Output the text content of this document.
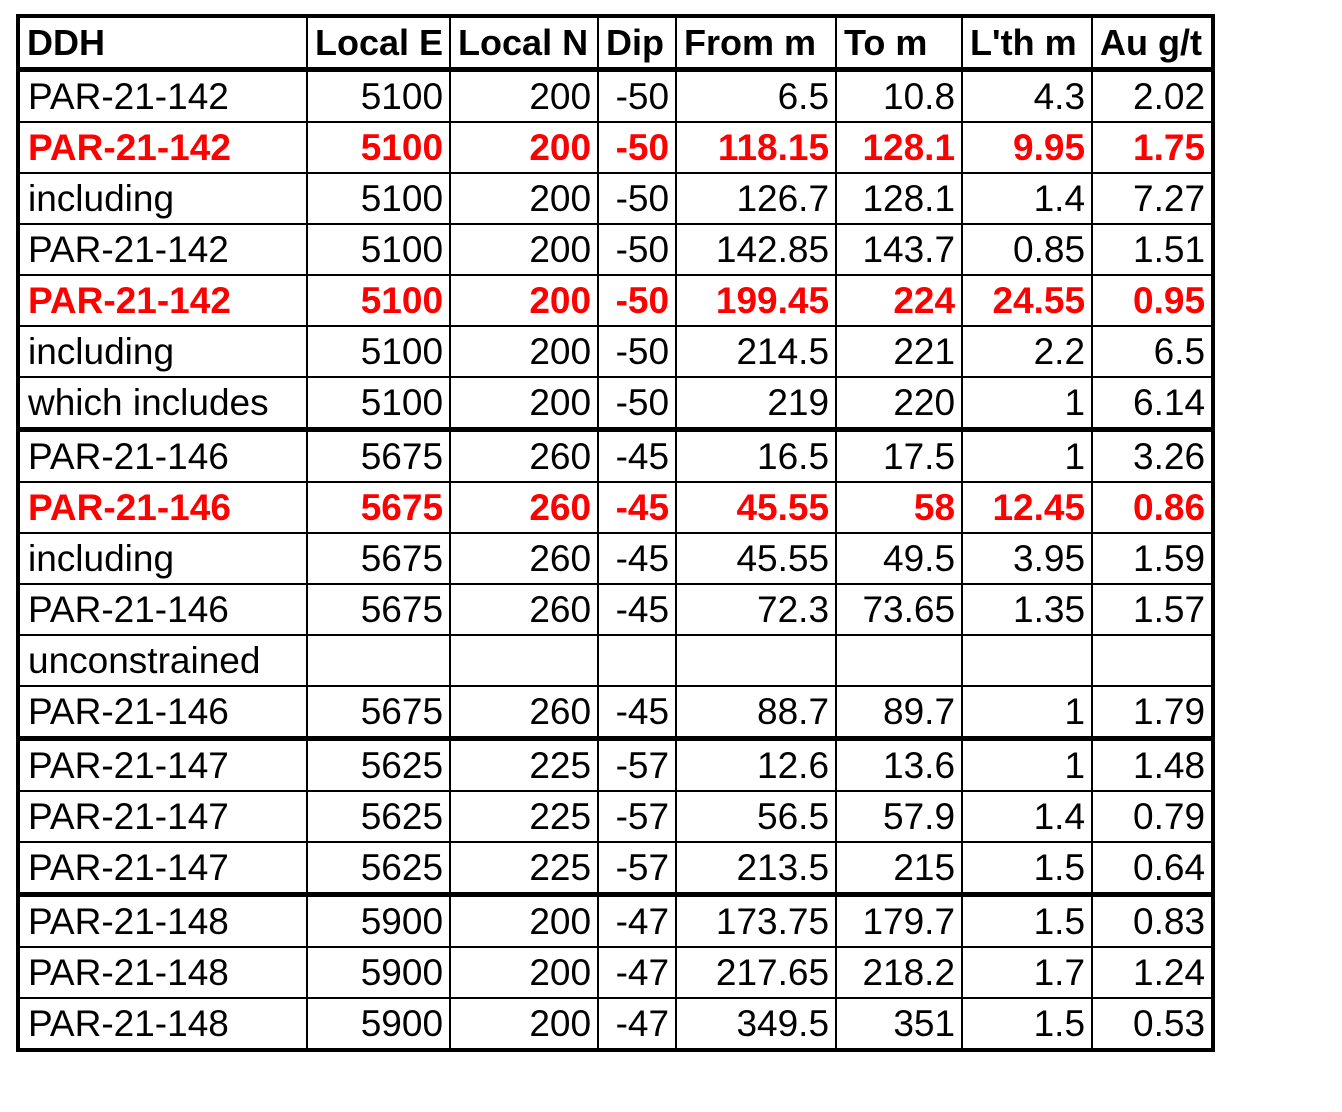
DDH	Local E	Local N	Dip	From m	To m	L'th m	Au g/t
PAR-21-142	5100	200	-50	6.5	10.8	4.3	2.02
PAR-21-142	5100	200	-50	118.15	128.1	9.95	1.75
including	5100	200	-50	126.7	128.1	1.4	7.27
PAR-21-142	5100	200	-50	142.85	143.7	0.85	1.51
PAR-21-142	5100	200	-50	199.45	224	24.55	0.95
including	5100	200	-50	214.5	221	2.2	6.5
which includes	5100	200	-50	219	220	1	6.14
PAR-21-146	5675	260	-45	16.5	17.5	1	3.26
PAR-21-146	5675	260	-45	45.55	58	12.45	0.86
including	5675	260	-45	45.55	49.5	3.95	1.59
PAR-21-146	5675	260	-45	72.3	73.65	1.35	1.57
unconstrained							
PAR-21-146	5675	260	-45	88.7	89.7	1	1.79
PAR-21-147	5625	225	-57	12.6	13.6	1	1.48
PAR-21-147	5625	225	-57	56.5	57.9	1.4	0.79
PAR-21-147	5625	225	-57	213.5	215	1.5	0.64
PAR-21-148	5900	200	-47	173.75	179.7	1.5	0.83
PAR-21-148	5900	200	-47	217.65	218.2	1.7	1.24
PAR-21-148	5900	200	-47	349.5	351	1.5	0.53
